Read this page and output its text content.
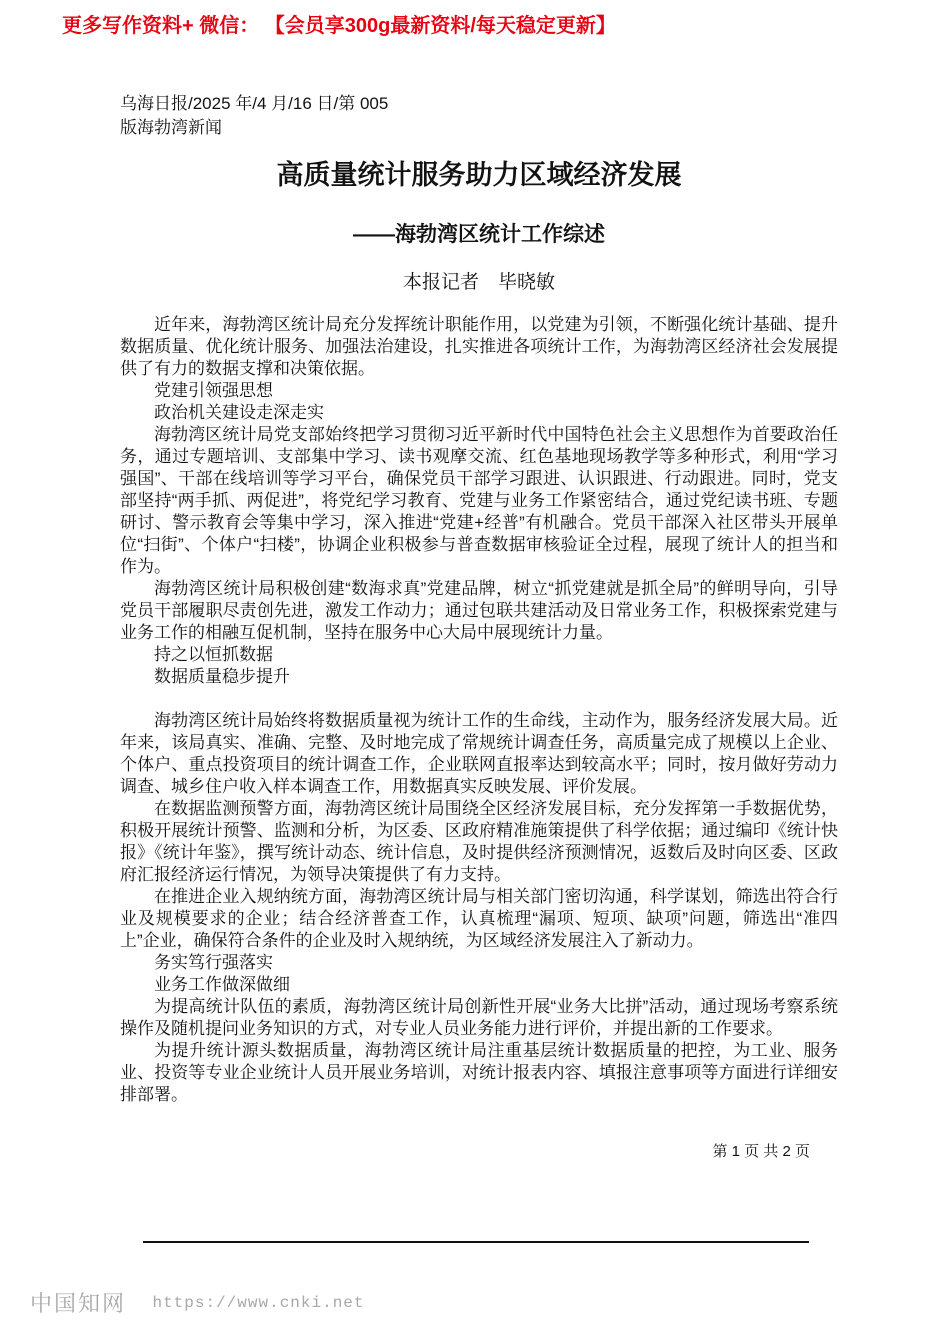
更多写作资料+ 微信： 【会员享300g最新资料/每天稳定更新】
乌海日报/2025 年/4 月/16 日/第 005
版海勃湾新闻
高质量统计服务助力区域经济发展
——海勃湾区统计工作综述
本报记者　毕晓敏
近年来，海勃湾区统计局充分发挥统计职能作用，以党建为引领，不断强化统计基础、提升数据质量、优化统计服务、加强法治建设，扎实推进各项统计工作，为海勃湾区经济社会发展提供了有力的数据支撑和决策依据。
党建引领强思想
政治机关建设走深走实
海勃湾区统计局党支部始终把学习贯彻习近平新时代中国特色社会主义思想作为首要政治任务，通过专题培训、支部集中学习、读书观摩交流、红色基地现场教学等多种形式，利用“学习强国”、干部在线培训等学习平台，确保党员干部学习跟进、认识跟进、行动跟进。同时，党支部坚持“两手抓、两促进”，将党纪学习教育、党建与业务工作紧密结合，通过党纪读书班、专题研讨、警示教育会等集中学习，深入推进“党建+经普”有机融合。党员干部深入社区带头开展单位“扫街”、个体户“扫楼”，协调企业积极参与普查数据审核验证全过程，展现了统计人的担当和作为。
海勃湾区统计局积极创建“数海求真”党建品牌，树立“抓党建就是抓全局”的鲜明导向，引导党员干部履职尽责创先进，激发工作动力；通过包联共建活动及日常业务工作，积极探索党建与业务工作的相融互促机制，坚持在服务中心大局中展现统计力量。
持之以恒抓数据
数据质量稳步提升
海勃湾区统计局始终将数据质量视为统计工作的生命线，主动作为，服务经济发展大局。近年来，该局真实、准确、完整、及时地完成了常规统计调查任务，高质量完成了规模以上企业、个体户、重点投资项目的统计调查工作，企业联网直报率达到较高水平；同时，按月做好劳动力调查、城乡住户收入样本调查工作，用数据真实反映发展、评价发展。
在数据监测预警方面，海勃湾区统计局围绕全区经济发展目标，充分发挥第一手数据优势，积极开展统计预警、监测和分析，为区委、区政府精准施策提供了科学依据；通过编印《统计快报》《统计年鉴》，撰写统计动态、统计信息，及时提供经济预测情况，返数后及时向区委、区政府汇报经济运行情况，为领导决策提供了有力支持。
在推进企业入规纳统方面，海勃湾区统计局与相关部门密切沟通，科学谋划，筛选出符合行业及规模要求的企业；结合经济普查工作，认真梳理“漏项、短项、缺项”问题，筛选出“准四上”企业，确保符合条件的企业及时入规纳统，为区域经济发展注入了新动力。
务实笃行强落实
业务工作做深做细
为提高统计队伍的素质，海勃湾区统计局创新性开展“业务大比拼”活动，通过现场考察系统操作及随机提问业务知识的方式，对专业人员业务能力进行评价，并提出新的工作要求。
为提升统计源头数据质量，海勃湾区统计局注重基层统计数据质量的把控，为工业、服务业、投资等专业企业统计人员开展业务培训，对统计报表内容、填报注意事项等方面进行详细安排部署。
第 1 页 共 2 页
中国知网 https://www.cnki.net
